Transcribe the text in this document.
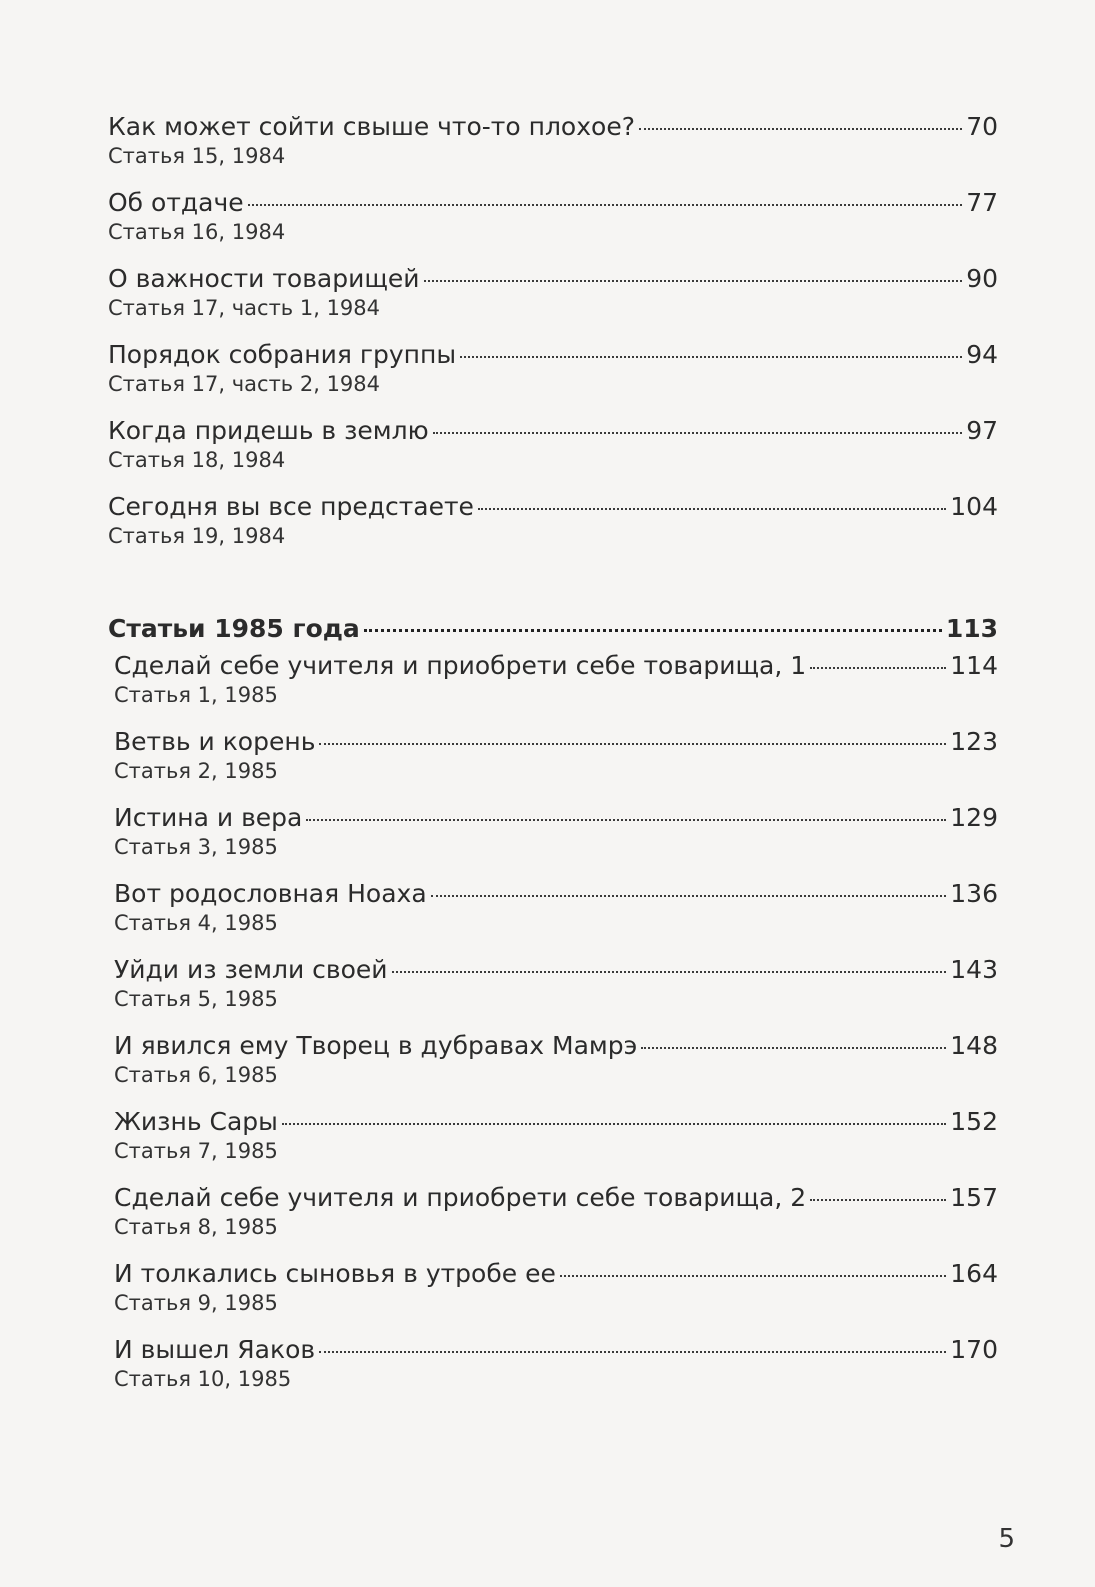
Как может сойти свыше что-то плохое?	70
Статья 15, 1984
Об отдаче	77
Статья 16, 1984
О важности товарищей	90
Статья 17, часть 1, 1984
Порядок собрания группы	94
Статья 17, часть 2, 1984
Когда придешь в землю	97
Статья 18, 1984
Сегодня вы все предстаете	104
Статья 19, 1984
Статьи 1985 года	113
Сделай себе учителя и приобрети себе товарища, 1	114
Статья 1, 1985
Ветвь и корень	123
Статья 2, 1985
Истина и вера	129
Статья 3, 1985
Вот родословная Ноаха	136
Статья 4, 1985
Уйди из земли своей	143
Статья 5, 1985
И явился ему Творец в дубравах Мамрэ	148
Статья 6, 1985
Жизнь Сары	152
Статья 7, 1985
Сделай себе учителя и приобрети себе товарища, 2	157
Статья 8, 1985
И толкались сыновья в утробе ее	164
Статья 9, 1985
И вышел Яаков	170
Статья 10, 1985
5
